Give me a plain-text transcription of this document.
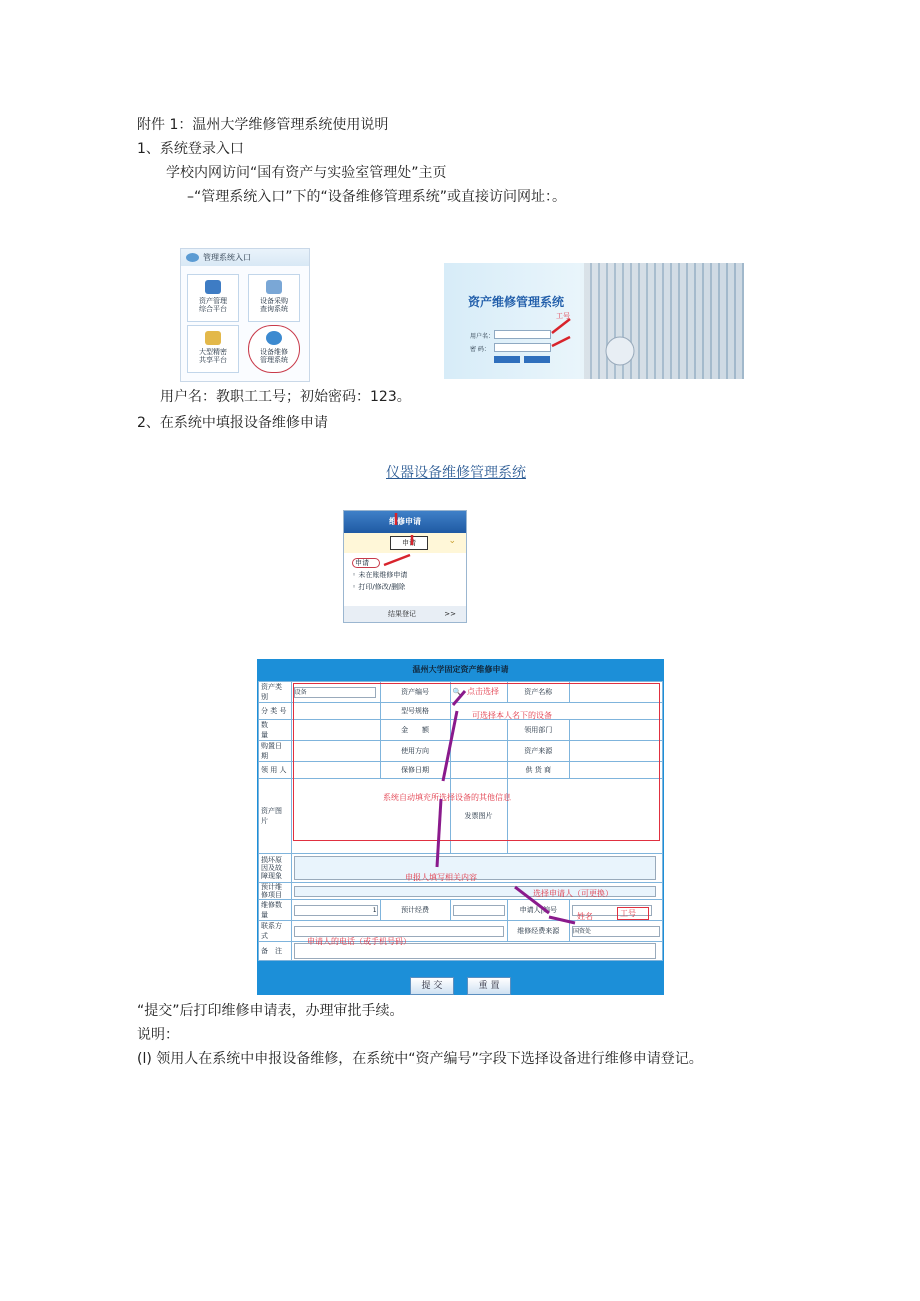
附件 1：温州大学维修管理系统使用说明
1、系统登录入口
学校内网访问“国有资产与实验室管理处”主页
–“管理系统入口”下的“设备维修管理系统”或直接访问网址：。
管理系统入口
资产管理
综合平台
设备采购
查询系统
大型精密
共享平台
设备维修
管理系统
资产维修管理系统
用户名：
密 码：
工号
用户名：教职工工号；初始密码：123。
2、在系统中填报设备维修申请
仪器设备维修管理系统
维修申请
申请	⌄
申请
◦ 未在账维修申请
◦ 打印/修改/删除
结果登记	>>
温州大学固定资产维修申请
资产类别	设备	资产编号	🔍	资产名称	
分 类 号		型号规格			
数　　量		金　　额		领用部门	
购置日期		使用方向		资产来源	
领 用 人		保修日期		供 货 商	
资产图片			发票图片		
损坏原因及故障现象					
预计维修项目					
维修数量	1	预计经费		申请人|编号	
联系方式				维修经费来源	国资处
备　注					
提 交	重 置
点击选择
可选择本人名下的设备
系统自动填充所选择设备的其他信息
申报人填写相关内容
选择申请人（可更换）
姓名	工号
申请人的电话（或手机号码）
“提交”后打印维修申请表，办理审批手续。
说明：
(l) 领用人在系统中申报设备维修，在系统中“资产编号”字段下选择设备进行维修申请登记。
